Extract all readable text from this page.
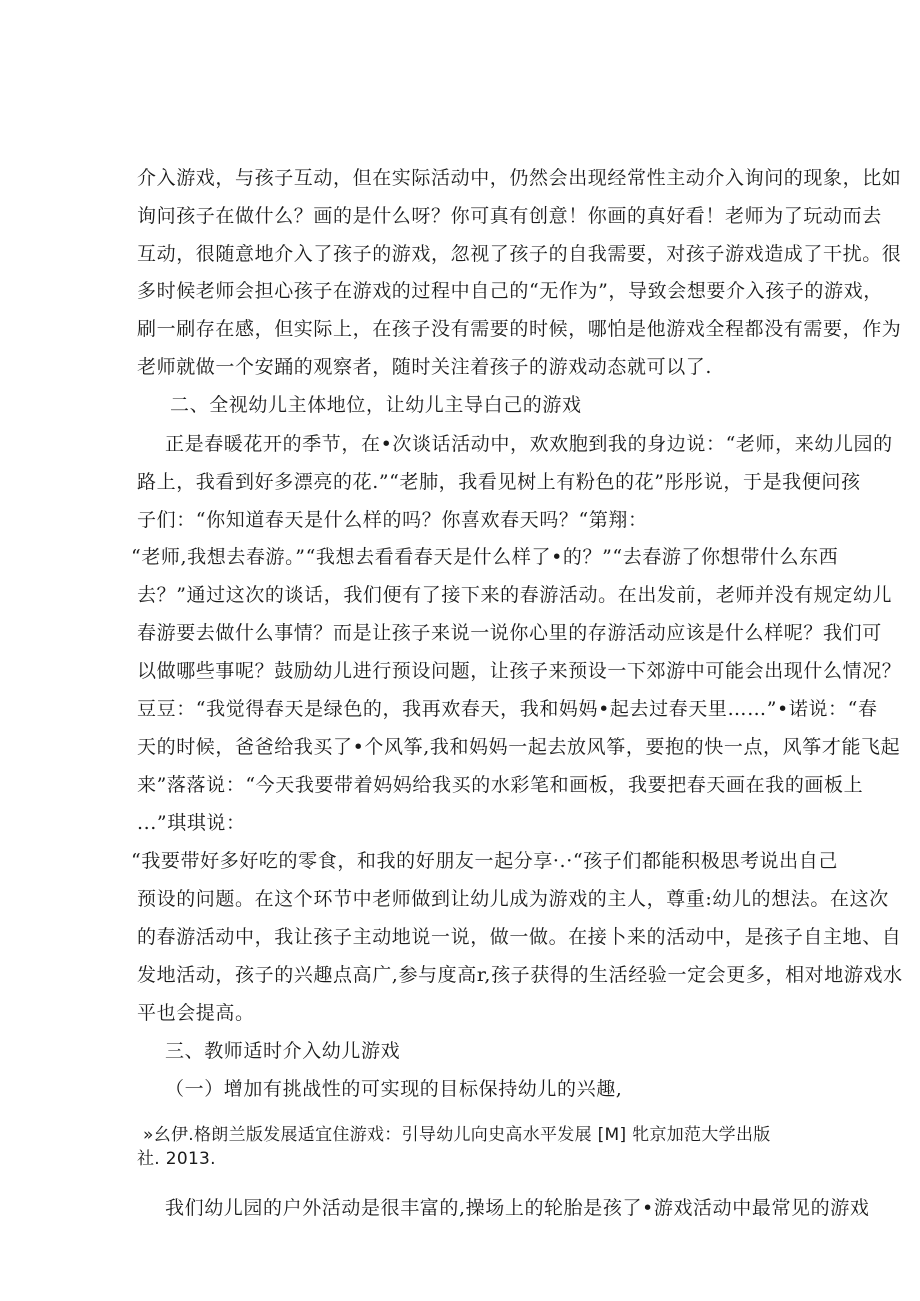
介入游戏，与孩子互动，但在实际活动中，仍然会出现经常性主动介入询问的现象，比如
询问孩子在做什么？画的是什么呀？你可真有创意！你画的真好看！老师为了玩动而去
互动，很随意地介入了孩子的游戏，忽视了孩子的自我需要，对孩子游戏造成了干扰。很
多时候老师会担心孩子在游戏的过程中自己的“无作为”，导致会想要介入孩子的游戏，
刷一刷存在感，但实际上，在孩子没有需要的时候，哪怕是他游戏全程都没有需要，作为
老师就做一个安踊的观察者，随时关注着孩子的游戏动态就可以了.
二、全视幼儿主体地位，让幼儿主导白己的游戏
正是春暖花开的季节，在•次谈话活动中，欢欢胞到我的身边说：“老师，来幼儿园的
路上，我看到好多漂亮的花.”“老肺，我看见树上有粉色的花”彤彤说，于是我便问孩
子们：“你知道春天是什么样的吗？你喜欢春天吗？“第翔：
“老师,我想去春游。”“我想去看看春天是什么样了•的？”“去春游了你想带什么东西
去？”通过这次的谈话，我们便有了接下来的春游活动。在出发前，老师并没有规定幼儿
春游要去做什么事情？而是让孩子来说一说你心里的存游活动应该是什么样呢？我们可
以做哪些事呢？鼓励幼儿进行预设问题，让孩子来预设一下郊游中可能会出现什么情况？
豆豆：“我觉得春天是绿色的，我再欢春天，我和妈妈•起去过春天里……”•诺说：“春
天的时候，爸爸给我买了•个风筝,我和妈妈一起去放风筝，要抱的快一点，风筝才能飞起
来”落落说：“今天我要带着妈妈给我买的水彩笔和画板，我要把春天画在我的画板上
...”琪琪说：
“我要带好多好吃的零食，和我的好朋友一起分享·.·“孩子们都能积极思考说出自己
预设的问题。在这个环节中老师做到让幼儿成为游戏的主人，尊重:幼儿的想法。在这次
的春游活动中，我让孩子主动地说一说，做一做。在接卜来的活动中，是孩子自主地、自
发地活动，孩子的兴趣点高广,参与度高r,孩子获得的生活经验一定会更多，相对地游戏水
平也会提高。
三、教师适时介入幼儿游戏
（一）增加有挑战性的可实现的目标保持幼儿的兴趣,
»幺伊.格朗兰版发展适宜住游戏：引导幼儿向史高水平发展 [M] 牝京加范大学出版
社. 2013.
我们幼儿园的户外活动是很丰富的,操场上的轮胎是孩了•游戏活动中最常见的游戏
